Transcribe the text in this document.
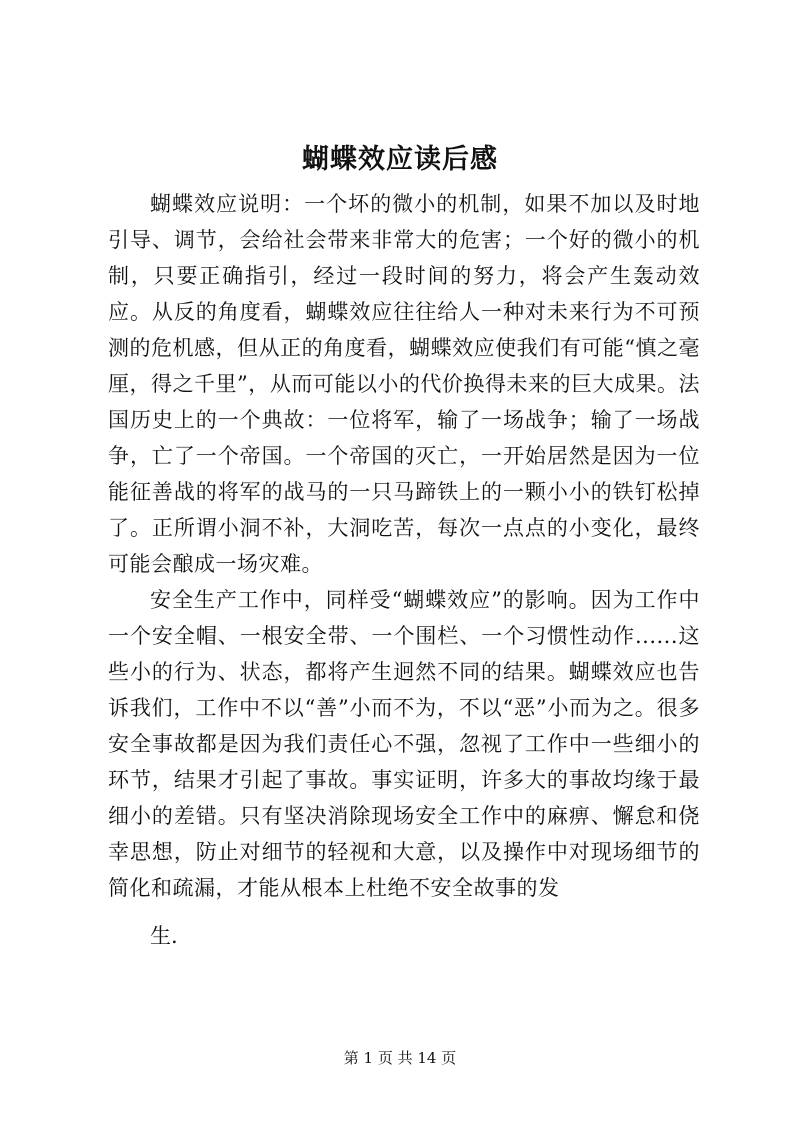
蝴蝶效应读后感

蝴蝶效应说明：一个坏的微小的机制，如果不加以及时地引导、调节，会给社会带来非常大的危害；一个好的微小的机制，只要正确指引，经过一段时间的努力，将会产生轰动效应。从反的角度看，蝴蝶效应往往给人一种对未来行为不可预测的危机感，但从正的角度看，蝴蝶效应使我们有可能“慎之毫厘，得之千里”，从而可能以小的代价换得未来的巨大成果。法国历史上的一个典故：一位将军，输了一场战争；输了一场战争，亡了一个帝国。一个帝国的灭亡，一开始居然是因为一位能征善战的将军的战马的一只马蹄铁上的一颗小小的铁钉松掉了。正所谓小洞不补，大洞吃苦，每次一点点的小变化，最终可能会酿成一场灾难。

安全生产工作中，同样受“蝴蝶效应”的影响。因为工作中一个安全帽、一根安全带、一个围栏、一个习惯性动作......这些小的行为、状态，都将产生迥然不同的结果。蝴蝶效应也告诉我们，工作中不以“善”小而不为，不以“恶”小而为之。很多安全事故都是因为我们责任心不强，忽视了工作中一些细小的环节，结果才引起了事故。事实证明，许多大的事故均缘于最细小的差错。只有坚决消除现场安全工作中的麻痹、懈怠和侥幸思想，防止对细节的轻视和大意，以及操作中对现场细节的简化和疏漏，才能从根本上杜绝不安全故事的发

生.

第 1 页 共 14 页
